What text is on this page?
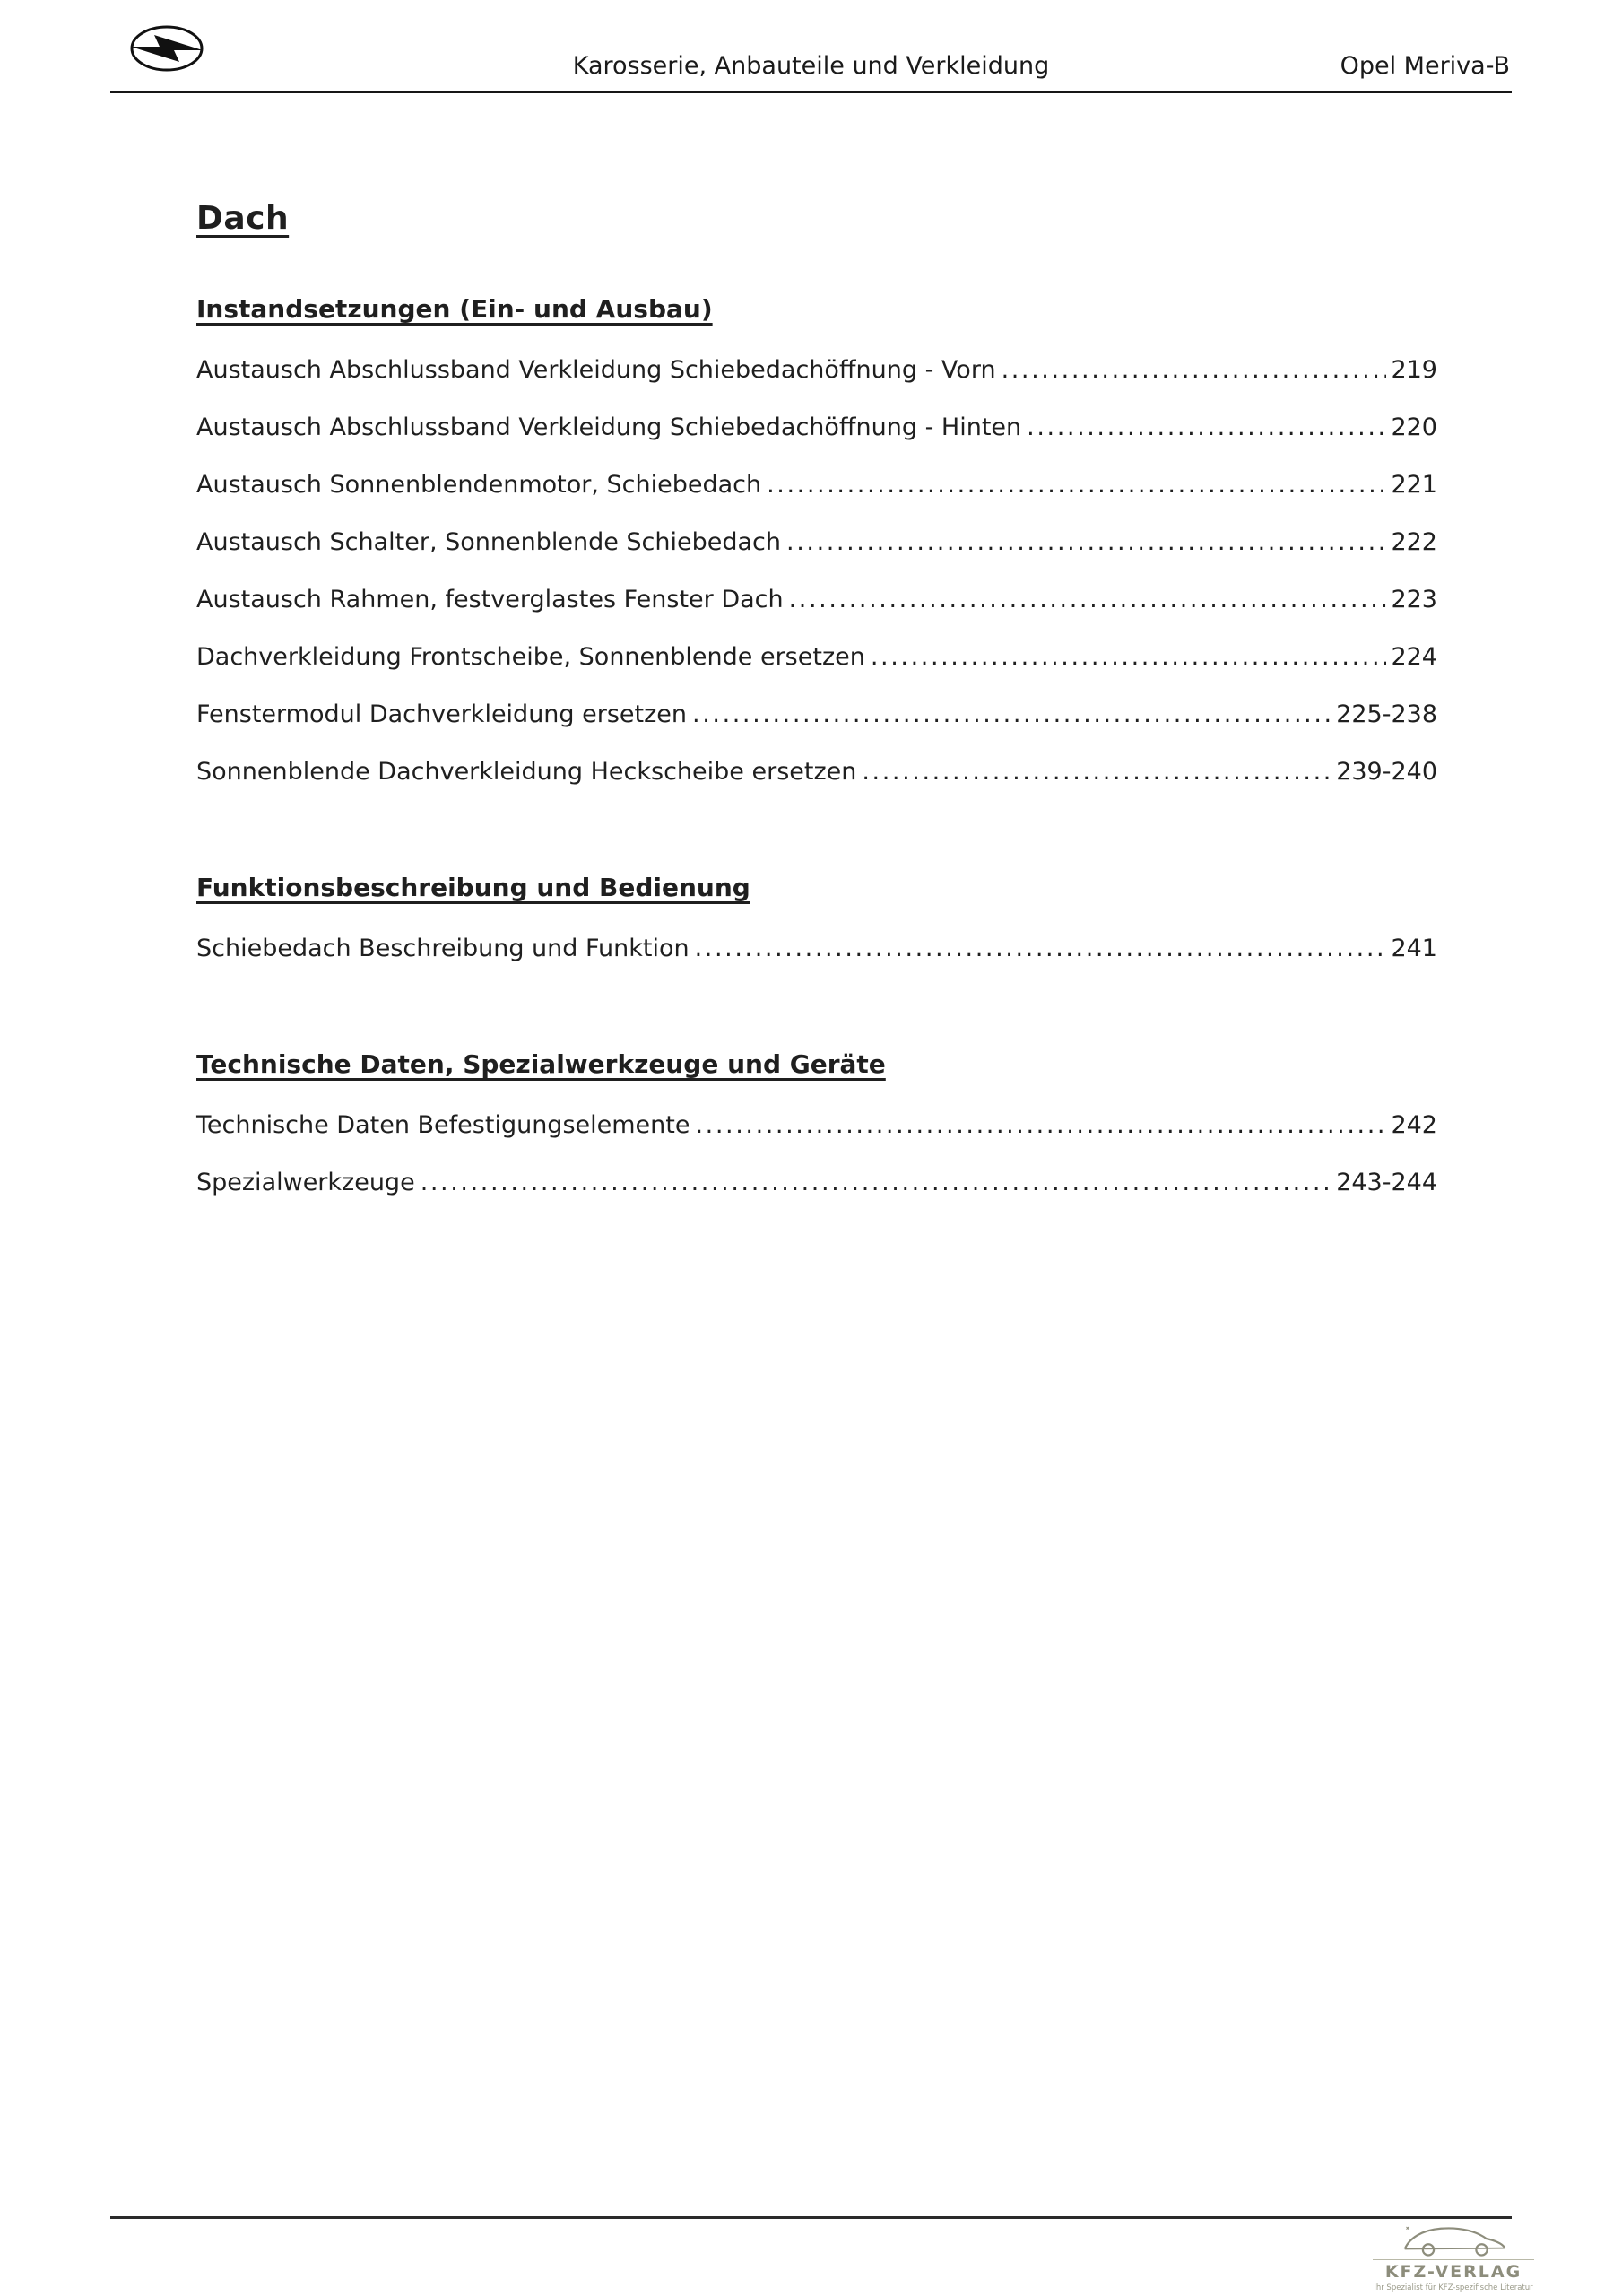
Karosserie, Anbauteile und Verkleidung	Opel Meriva-B
Dach
Instandsetzungen (Ein- und Ausbau)
Austausch Abschlussband Verkleidung Schiebedachöffnung - Vorn .....	219
Austausch Abschlussband Verkleidung Schiebedachöffnung - Hinten .....	220
Austausch Sonnenblendenmotor, Schiebedach .....	221
Austausch Schalter, Sonnenblende Schiebedach .....	222
Austausch Rahmen, festverglastes Fenster Dach .....	223
Dachverkleidung Frontscheibe, Sonnenblende ersetzen .....	224
Fenstermodul Dachverkleidung ersetzen .....	225-238
Sonnenblende Dachverkleidung Heckscheibe ersetzen .....	239-240
Funktionsbeschreibung und Bedienung
Schiebedach Beschreibung und Funktion .....	241
Technische Daten, Spezialwerkzeuge und Geräte
Technische Daten Befestigungselemente .....	242
Spezialwerkzeuge .....	243-244
KFZ-VERLAG
Ihr Spezialist für KFZ-spezifische Literatur
